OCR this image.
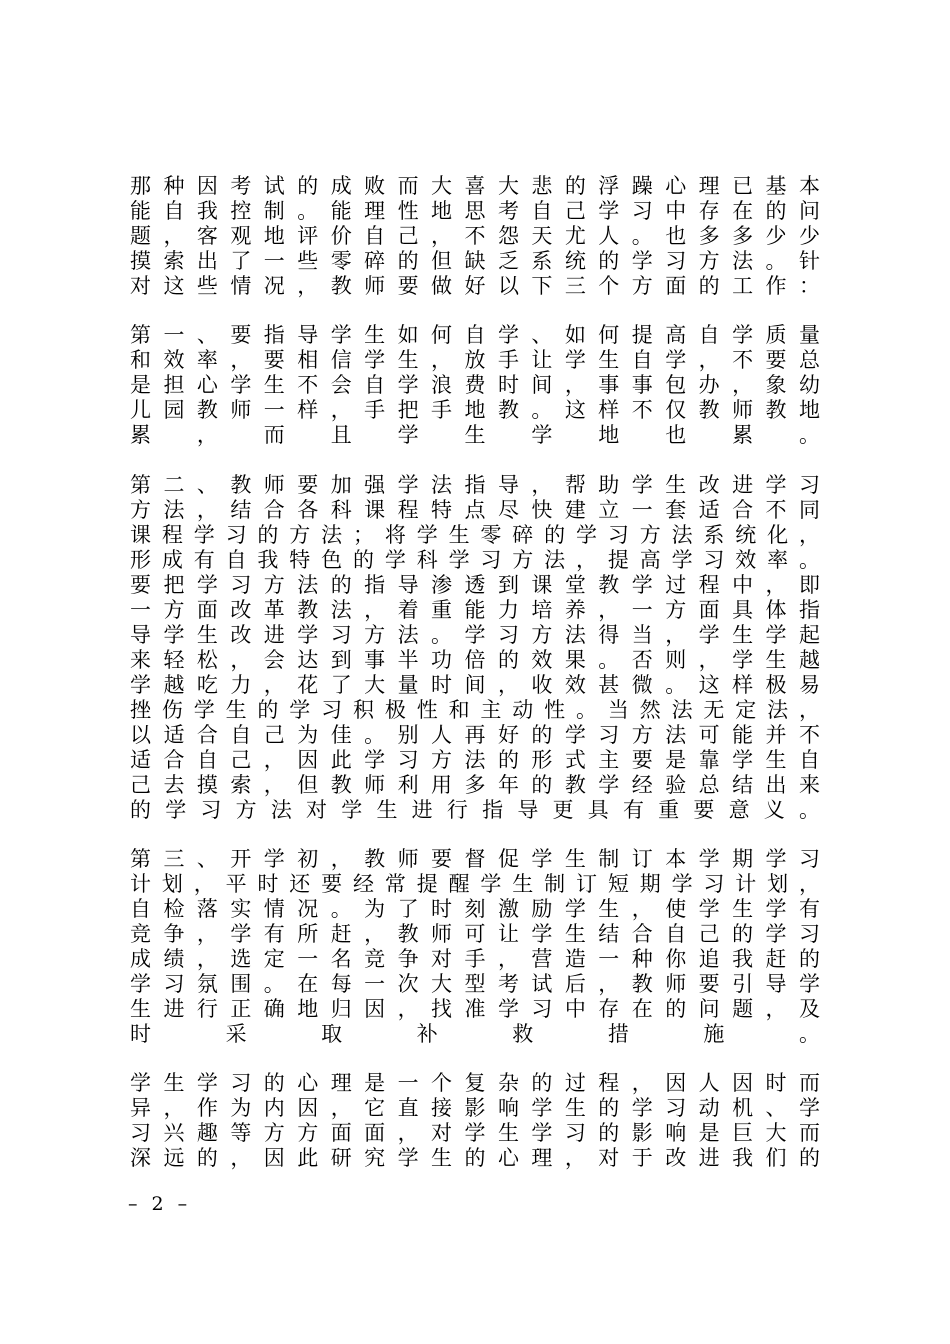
那种因考试的成败而大喜大悲的浮躁心理已基本
能自我控制。能理性地思考自己学习中存在的问
题，客观地评价自己，不怨天尤人。也多多少少
摸索出了一些零碎的但缺乏系统的学习方法。针
对这些情况，教师要做好以下三个方面的工作：
第一、要指导学生如何自学、如何提高自学质量
和效率，要相信学生，放手让学生自学，不要总
是担心学生不会自学浪费时间，事事包办，象幼
儿园教师一样，手把手地教。这样不仅教师教地
累，而且学生学地也累。
第二、教师要加强学法指导，帮助学生改进学习
方法，结合各科课程特点尽快建立一套适合不同
课程学习的方法；将学生零碎的学习方法系统化，
形成有自我特色的学科学习方法，提高学习效率。
要把学习方法的指导渗透到课堂教学过程中，即
一方面改革教法，着重能力培养，一方面具体指
导学生改进学习方法。学习方法得当，学生学起
来轻松，会达到事半功倍的效果。否则，学生越
学越吃力，花了大量时间，收效甚微。这样极易
挫伤学生的学习积极性和主动性。当然法无定法，
以适合自己为佳。别人再好的学习方法可能并不
适合自己，因此学习方法的形式主要是靠学生自
己去摸索，但教师利用多年的教学经验总结出来
的学习方法对学生进行指导更具有重要意义。
第三、开学初，教师要督促学生制订本学期学习
计划，平时还要经常提醒学生制订短期学习计划，
自检落实情况。为了时刻激励学生，使学生学有
竞争，学有所赶，教师可让学生结合自己的学习
成绩，选定一名竞争对手，营造一种你追我赶的
学习氛围。在每一次大型考试后，教师要引导学
生进行正确地归因，找准学习中存在的问题，及
时采取补救措施。
学生学习的心理是一个复杂的过程，因人因时而
异，作为内因，它直接影响学生的学习动机、学
习兴趣等方方面面，对学生学习的影响是巨大而
深远的，因此研究学生的心理，对于改进我们的
– 2 –
